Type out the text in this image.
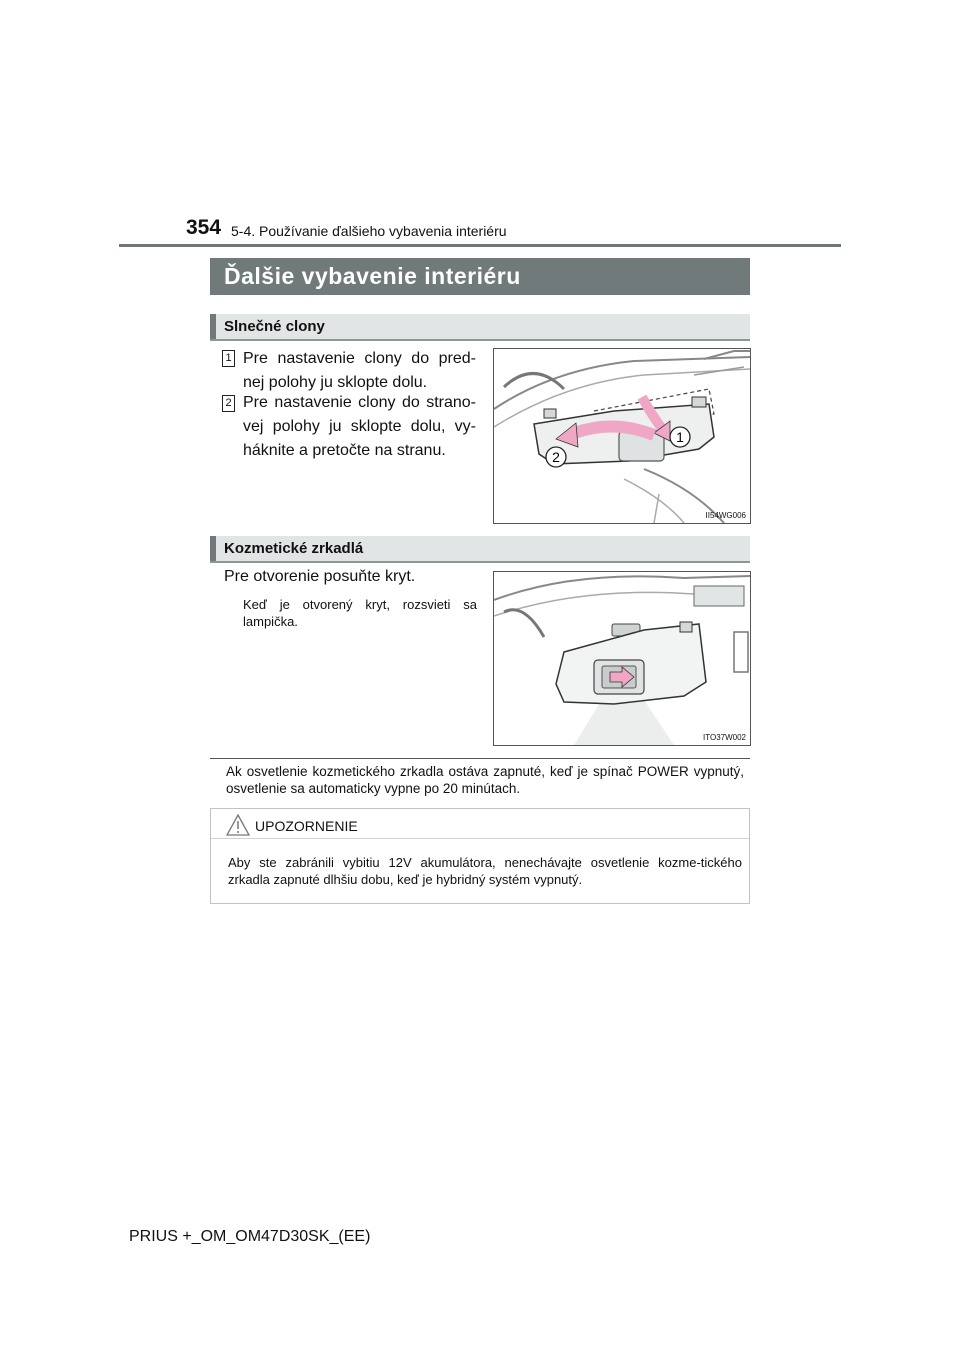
354 5-4. Používanie ďalšieho vybavenia interiéru
Ďalšie vybavenie interiéru
Slnečné clony
1 Pre nastavenie clony do pred-nej polohy ju sklopte dolu.
2 Pre nastavenie clony do strano-vej polohy ju sklopte dolu, vy-háknite a pretočte na stranu.
1
2
II54WG006
Kozmetické zrkadlá
Pre otvorenie posuňte kryt.
Keď je otvorený kryt, rozsvieti sa lampička.
ITO37W002
Ak osvetlenie kozmetického zrkadla ostáva zapnuté, keď je spínač POWER vypnutý, osvetlenie sa automaticky vypne po 20 minútach.
UPOZORNENIE
Aby ste zabránili vybitiu 12V akumulátora, nenechávajte osvetlenie kozme-tického zrkadla zapnuté dlhšiu dobu, keď je hybridný systém vypnutý.
PRIUS +_OM_OM47D30SK_(EE)
